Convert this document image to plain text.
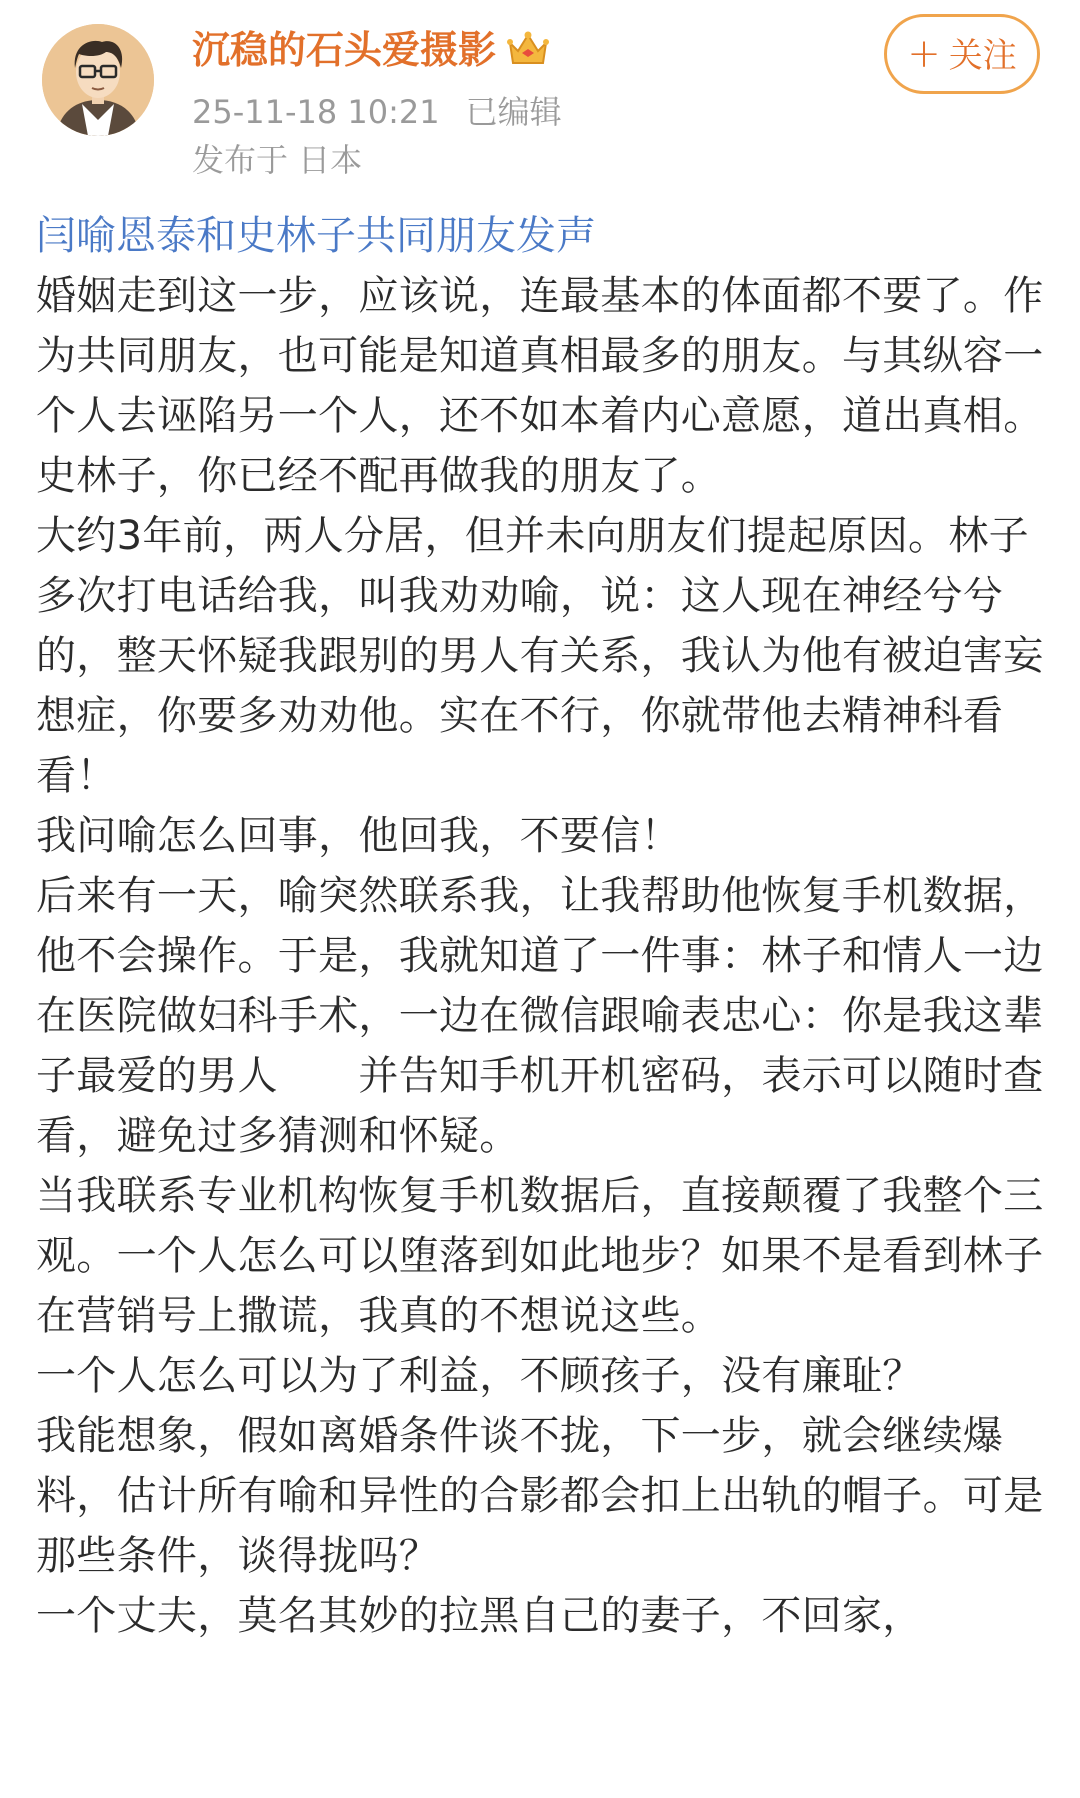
沉稳的石头爱摄影
25-11-18 10:21 已编辑
发布于 日本
+ 关注
闫喻恩泰和史林子共同朋友发声

婚姻走到这一步，应该说，连最基本的体面都不要了。作为共同朋友，也可能是知道真相最多的朋友。与其纵容一个人去诬陷另一个人，还不如本着内心意愿，道出真相。

史林子，你已经不配再做我的朋友了。

大约3年前，两人分居，但并未向朋友们提起原因。林子多次打电话给我，叫我劝劝喻，说：这人现在神经兮兮的，整天怀疑我跟别的男人有关系，我认为他有被迫害妄想症，你要多劝劝他。实在不行，你就带他去精神科看看！

我问喻怎么回事，他回我，不要信！

后来有一天，喻突然联系我，让我帮助他恢复手机数据，他不会操作。于是，我就知道了一件事：林子和情人一边在医院做妇科手术，一边在微信跟喻表忠心：你是我这辈子最爱的男人　　并告知手机开机密码，表示可以随时查看，避免过多猜测和怀疑。

当我联系专业机构恢复手机数据后，直接颠覆了我整个三观。一个人怎么可以堕落到如此地步？如果不是看到林子在营销号上撒谎，我真的不想说这些。

一个人怎么可以为了利益，不顾孩子，没有廉耻？

我能想象，假如离婚条件谈不拢，下一步，就会继续爆料，估计所有喻和异性的合影都会扣上出轨的帽子。可是那些条件，谈得拢吗？

一个丈夫，莫名其妙的拉黑自己的妻子，不回家，
